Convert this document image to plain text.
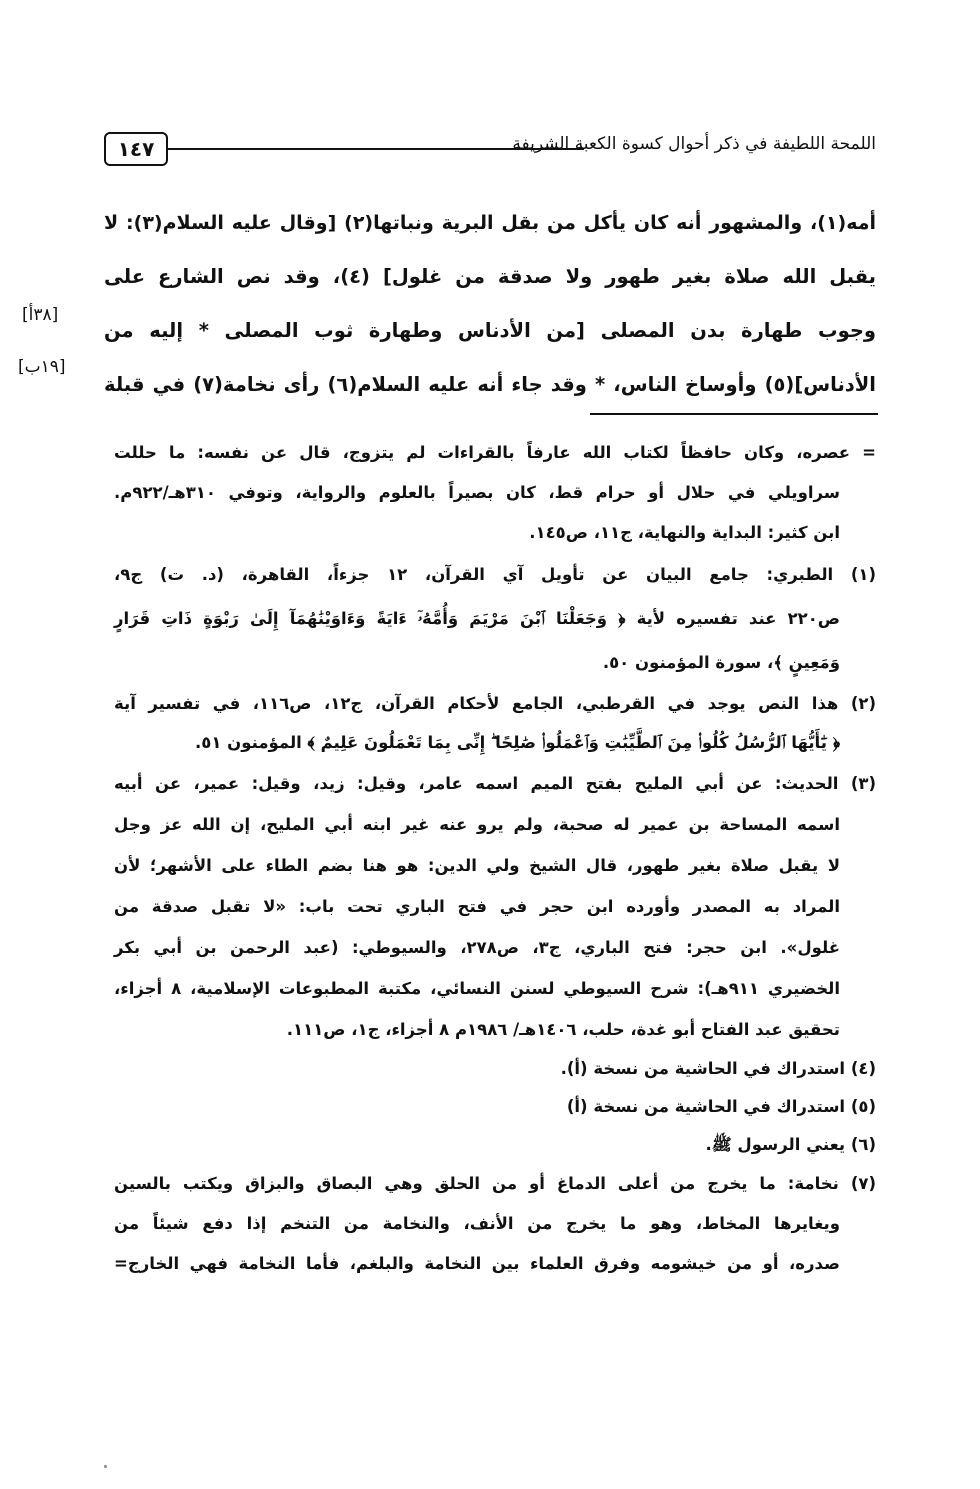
١٤٧	اللمحة اللطيفة في ذكر أحوال كسوة الكعبة الشريفة
أمه(١)، والمشهور أنه كان يأكل من بقل البرية ونباتها(٢) [وقال عليه السلام(٣): لا
يقبل الله صلاة بغير طهور ولا صدقة من غلول] (٤)، وقد نص الشارع على
وجوب طهارة بدن المصلى [من الأدناس وطهارة ثوب المصلى * إليه من
الأدناس](٥) وأوساخ الناس، * وقد جاء أنه عليه السلام(٦) رأى نخامة(٧) في قبلة
[٣٨أ]
[١٩ب]
= عصره، وكان حافظاً لكتاب الله عارفاً بالقراءات لم يتزوج، قال عن نفسه: ما حللت
سراويلي في حلال أو حرام قط، كان بصيراً بالعلوم والرواية، وتوفي ٣١٠هـ/٩٢٢م.
ابن كثير: البداية والنهاية، ج١١، ص١٤٥.
(١) الطبري: جامع البيان عن تأويل آي القرآن، ١٢ جزءاً، القاهرة، (د. ت) ج٩،
ص٢٢٠ عند تفسيره لأية ﴿ وَجَعَلْنَا ٱبْنَ مَرْيَمَ وَأُمَّهُۥٓ ءَايَةً وَءَاوَيْنَٰهُمَآ إِلَىٰ رَبْوَةٍ ذَاتِ قَرَارٍ
وَمَعِينٍ ﴾، سورة المؤمنون ٥٠.
(٢) هذا النص يوجد في القرطبي، الجامع لأحكام القرآن، ج١٢، ص١١٦، في تفسير آية
﴿ يَٰٓأَيُّهَا ٱلرُّسُلُ كُلُوا۟ مِنَ ٱلطَّيِّبَٰتِ وَٱعْمَلُوا۟ صَٰلِحًا ۖ إِنِّى بِمَا تَعْمَلُونَ عَلِيمٌ ﴾ المؤمنون ٥١.
(٣) الحديث: عن أبي المليح بفتح الميم اسمه عامر، وقيل: زيد، وقيل: عمير، عن أبيه
اسمه المساحة بن عمير له صحبة، ولم يرو عنه غير ابنه أبي المليح، إن الله عز وجل
لا يقبل صلاة بغير طهور، قال الشيخ ولي الدين: هو هنا بضم الطاء على الأشهر؛ لأن
المراد به المصدر وأورده ابن حجر في فتح الباري تحت باب: «لا تقبل صدقة من
غلول». ابن حجر: فتح الباري، ج٣، ص٢٧٨، والسيوطي: (عبد الرحمن بن أبي بكر
الخضيري ٩١١هـ): شرح السيوطي لسنن النسائي، مكتبة المطبوعات الإسلامية، ٨ أجزاء،
تحقيق عبد الفتاح أبو غدة، حلب، ١٤٠٦هـ/ ١٩٨٦م ٨ أجزاء، ج١، ص١١١.
(٤) استدراك في الحاشية من نسخة (أ).
(٥) استدراك في الحاشية من نسخة (أ)
(٦) يعني الرسول ﷺ.
(٧) نخامة: ما يخرج من أعلى الدماغ أو من الحلق وهي البصاق والبزاق ويكتب بالسين
ويغايرها المخاط، وهو ما يخرج من الأنف، والنخامة من التنخم إذا دفع شيئاً من
صدره، أو من خيشومه وفرق العلماء بين النخامة والبلغم، فأما النخامة فهي الخارج=
